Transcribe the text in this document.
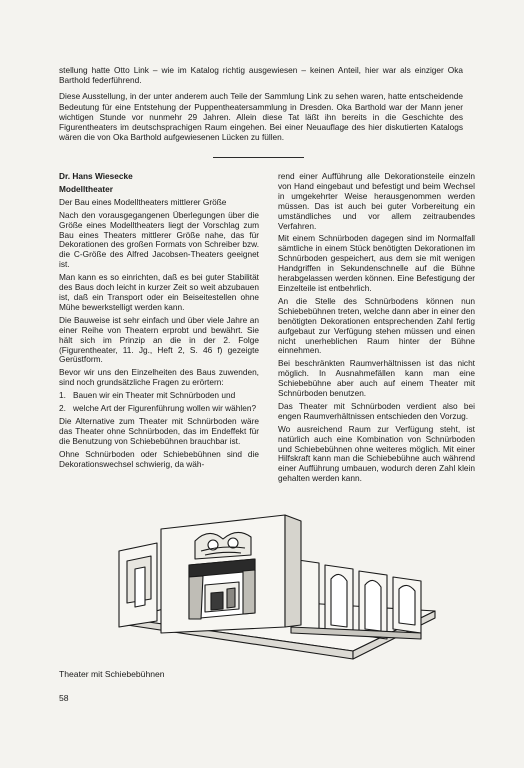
stellung hatte Otto Link – wie im Katalog richtig ausgewiesen – keinen Anteil, hier war als einziger Oka Barthold federführend.

Diese Ausstellung, in der unter anderem auch Teile der Sammlung Link zu sehen waren, hatte entscheidende Bedeutung für eine Entstehung der Puppentheatersammlung in Dresden. Oka Barthold war der Mann jener wichtigen Stunde vor nunmehr 29 Jahren. Allein diese Tat läßt ihn bereits in die Geschichte des Figurentheaters im deutschsprachigen Raum eingehen. Bei einer Neuauflage des hier diskutierten Katalogs wären die von Oka Barthold aufgewiesenen Lücken zu füllen.

Dr. Hans Wiesecke

Modelltheater

Der Bau eines Modelltheaters mittlerer Größe

Nach den vorausgegangenen Überlegungen über die Größe eines Modelltheaters liegt der Vorschlag zum Bau eines Theaters mittlerer Größe nahe, das für Dekorationen des großen Formats von Schreiber bzw. die C-Größe des Alfred Jacobsen-Theaters geeignet ist.

Man kann es so einrichten, daß es bei guter Stabilität des Baus doch leicht in kurzer Zeit so weit abzubauen ist, daß ein Transport oder ein Beiseitestellen ohne Mühe bewerkstelligt werden kann.

Die Bauweise ist sehr einfach und über viele Jahre an einer Reihe von Theatern erprobt und bewährt. Sie hält sich im Prinzip an die in der 2. Folge (Figurentheater, 11. Jg., Heft 2, S. 46 f) gezeigte Gerüstform.

Bevor wir uns den Einzelheiten des Baus zuwenden, sind noch grundsätzliche Fragen zu erörtern:

1. Bauen wir ein Theater mit Schnürboden und
2. welche Art der Figurenführung wollen wir wählen?

Die Alternative zum Theater mit Schnürboden wäre das Theater ohne Schnürboden, das im Endeffekt für die Benutzung von Schiebebühnen brauchbar ist.

Ohne Schnürboden oder Schiebebühnen sind die Dekorationswechsel schwierig, da wäh-

rend einer Aufführung alle Dekorationsteile einzeln von Hand eingebaut und befestigt und beim Wechsel in umgekehrter Weise herausgenommen werden müssen. Das ist auch bei guter Vorbereitung ein umständliches und vor allem zeitraubendes Verfahren.

Mit einem Schnürboden dagegen sind im Normalfall sämtliche in einem Stück benötigten Dekorationen im Schnürboden gespeichert, aus dem sie mit wenigen Handgriffen in Sekundenschnelle auf die Bühne herabgelassen werden können. Eine Befestigung der Einzelteile ist entbehrlich.

An die Stelle des Schnürbodens können nun Schiebebühnen treten, welche dann aber in einer den benötigten Dekorationen entsprechenden Zahl fertig aufgebaut zur Verfügung stehen müssen und einen nicht unerheblichen Raum hinter der Bühne einnehmen.

Bei beschränkten Raumverhältnissen ist das nicht möglich. In Ausnahmefällen kann man eine Schiebebühne aber auch auf einem Theater mit Schnürboden benutzen.

Das Theater mit Schnürboden verdient also bei engen Raumverhältnissen entschieden den Vorzug.

Wo ausreichend Raum zur Verfügung steht, ist natürlich auch eine Kombination von Schnürboden und Schiebebühnen ohne weiteres möglich. Mit einer Hilfskraft kann man die Schiebebühne auch während einer Aufführung umbauen, wodurch deren Zahl klein gehalten werden kann.

Theater mit Schiebebühnen
58
